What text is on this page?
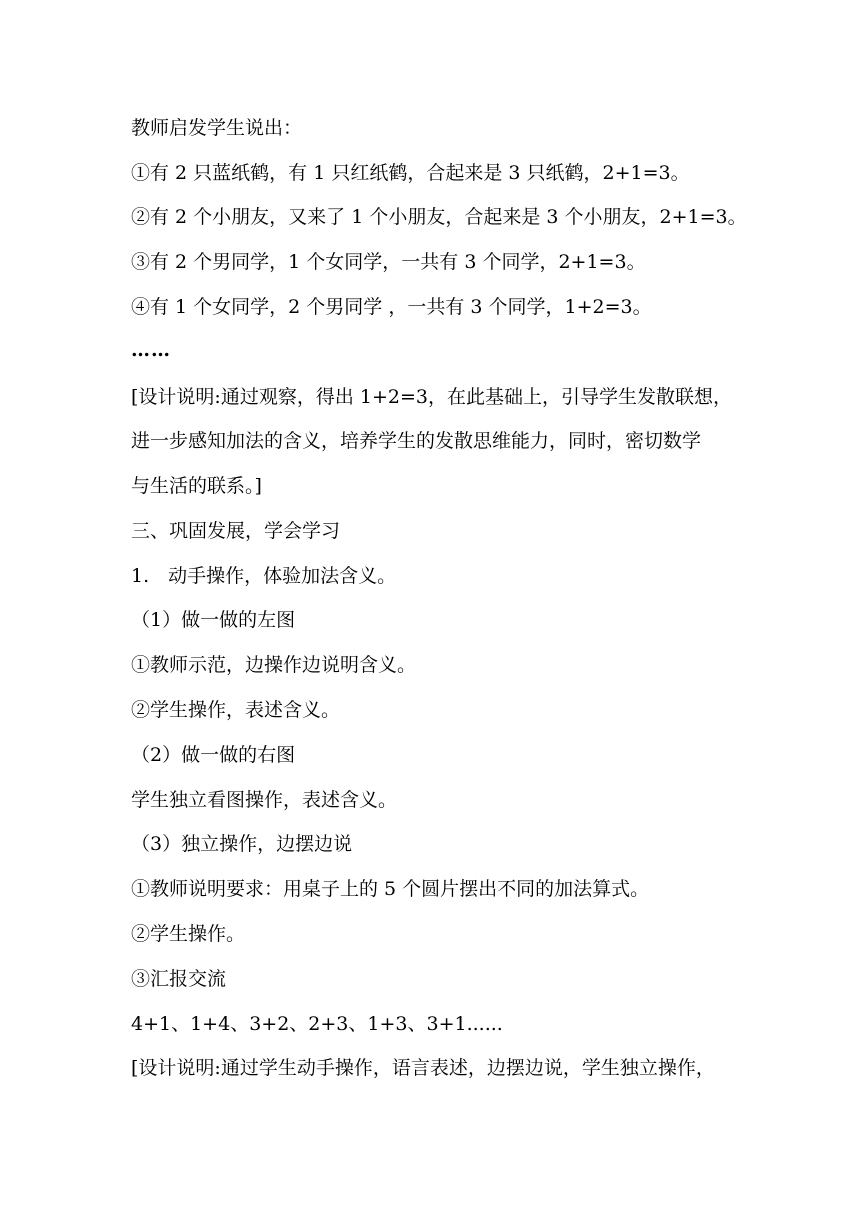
教师启发学生说出：
①有 2 只蓝纸鹤，有 1 只红纸鹤，合起来是 3 只纸鹤，2+1=3。
②有 2 个小朋友，又来了 1 个小朋友，合起来是 3 个小朋友，2+1=3。
③有 2 个男同学，1 个女同学，一共有 3 个同学，2+1=3。
④有 1 个女同学，2 个男同学 ，一共有 3 个同学，1+2=3。
……
[设计说明:通过观察，得出 1+2=3，在此基础上，引导学生发散联想，
进一步感知加法的含义，培养学生的发散思维能力，同时，密切数学
与生活的联系。]
三、巩固发展，学会学习
1.　动手操作，体验加法含义。
（1）做一做的左图
①教师示范，边操作边说明含义。
②学生操作，表述含义。
（2）做一做的右图
学生独立看图操作，表述含义。
（3）独立操作，边摆边说
①教师说明要求：用桌子上的 5 个圆片摆出不同的加法算式。
②学生操作。
③汇报交流
4+1、1+4、3+2、2+3、1+3、3+1......
[设计说明:通过学生动手操作，语言表述，边摆边说，学生独立操作，
